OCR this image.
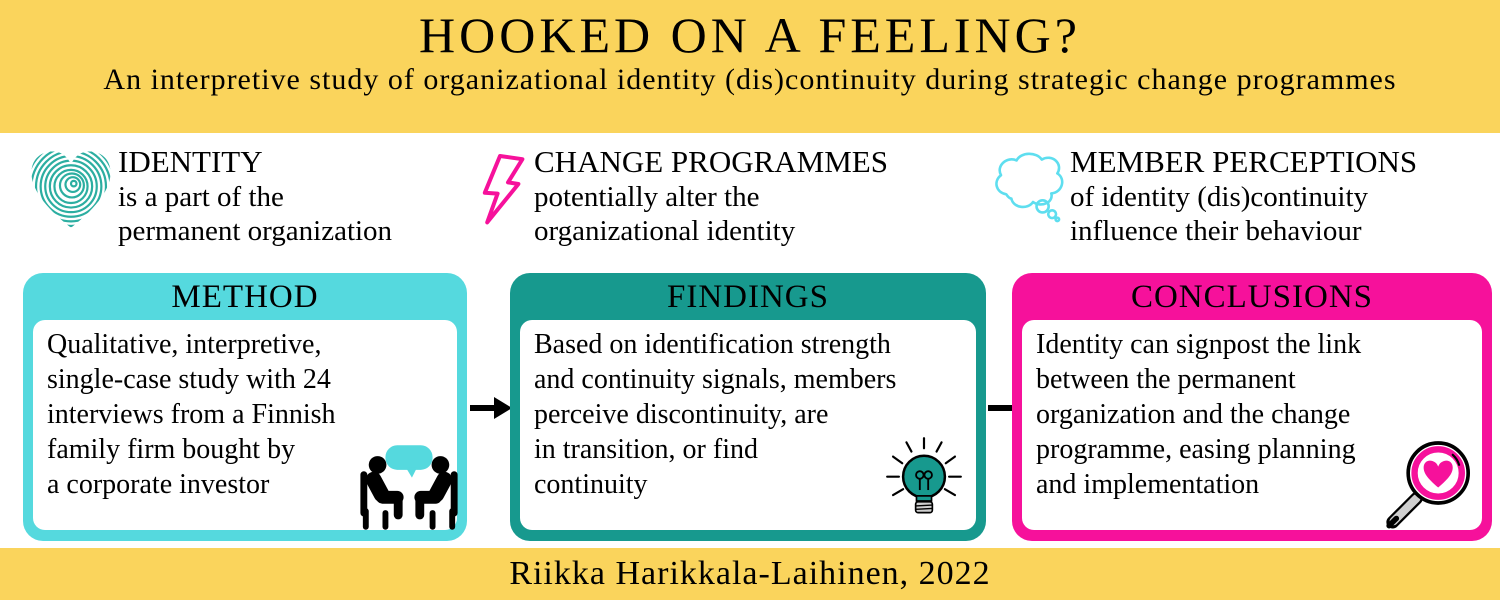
HOOKED ON A FEELING?
An interpretive study of organizational identity (dis)continuity during strategic change programmes
IDENTITY
is a part of the
permanent organization
CHANGE PROGRAMMES
potentially alter the
organizational identity
MEMBER PERCEPTIONS
of identity (dis)continuity
influence their behaviour
METHOD
Qualitative, interpretive,
single-case study with 24
interviews from a Finnish
family firm bought by
a corporate investor
FINDINGS
Based on identification strength
and continuity signals, members
perceive discontinuity, are
in transition, or find
continuity
CONCLUSIONS
Identity can signpost the link
between the permanent
organization and the change
programme, easing planning
and implementation
Riikka Harikkala-Laihinen, 2022
